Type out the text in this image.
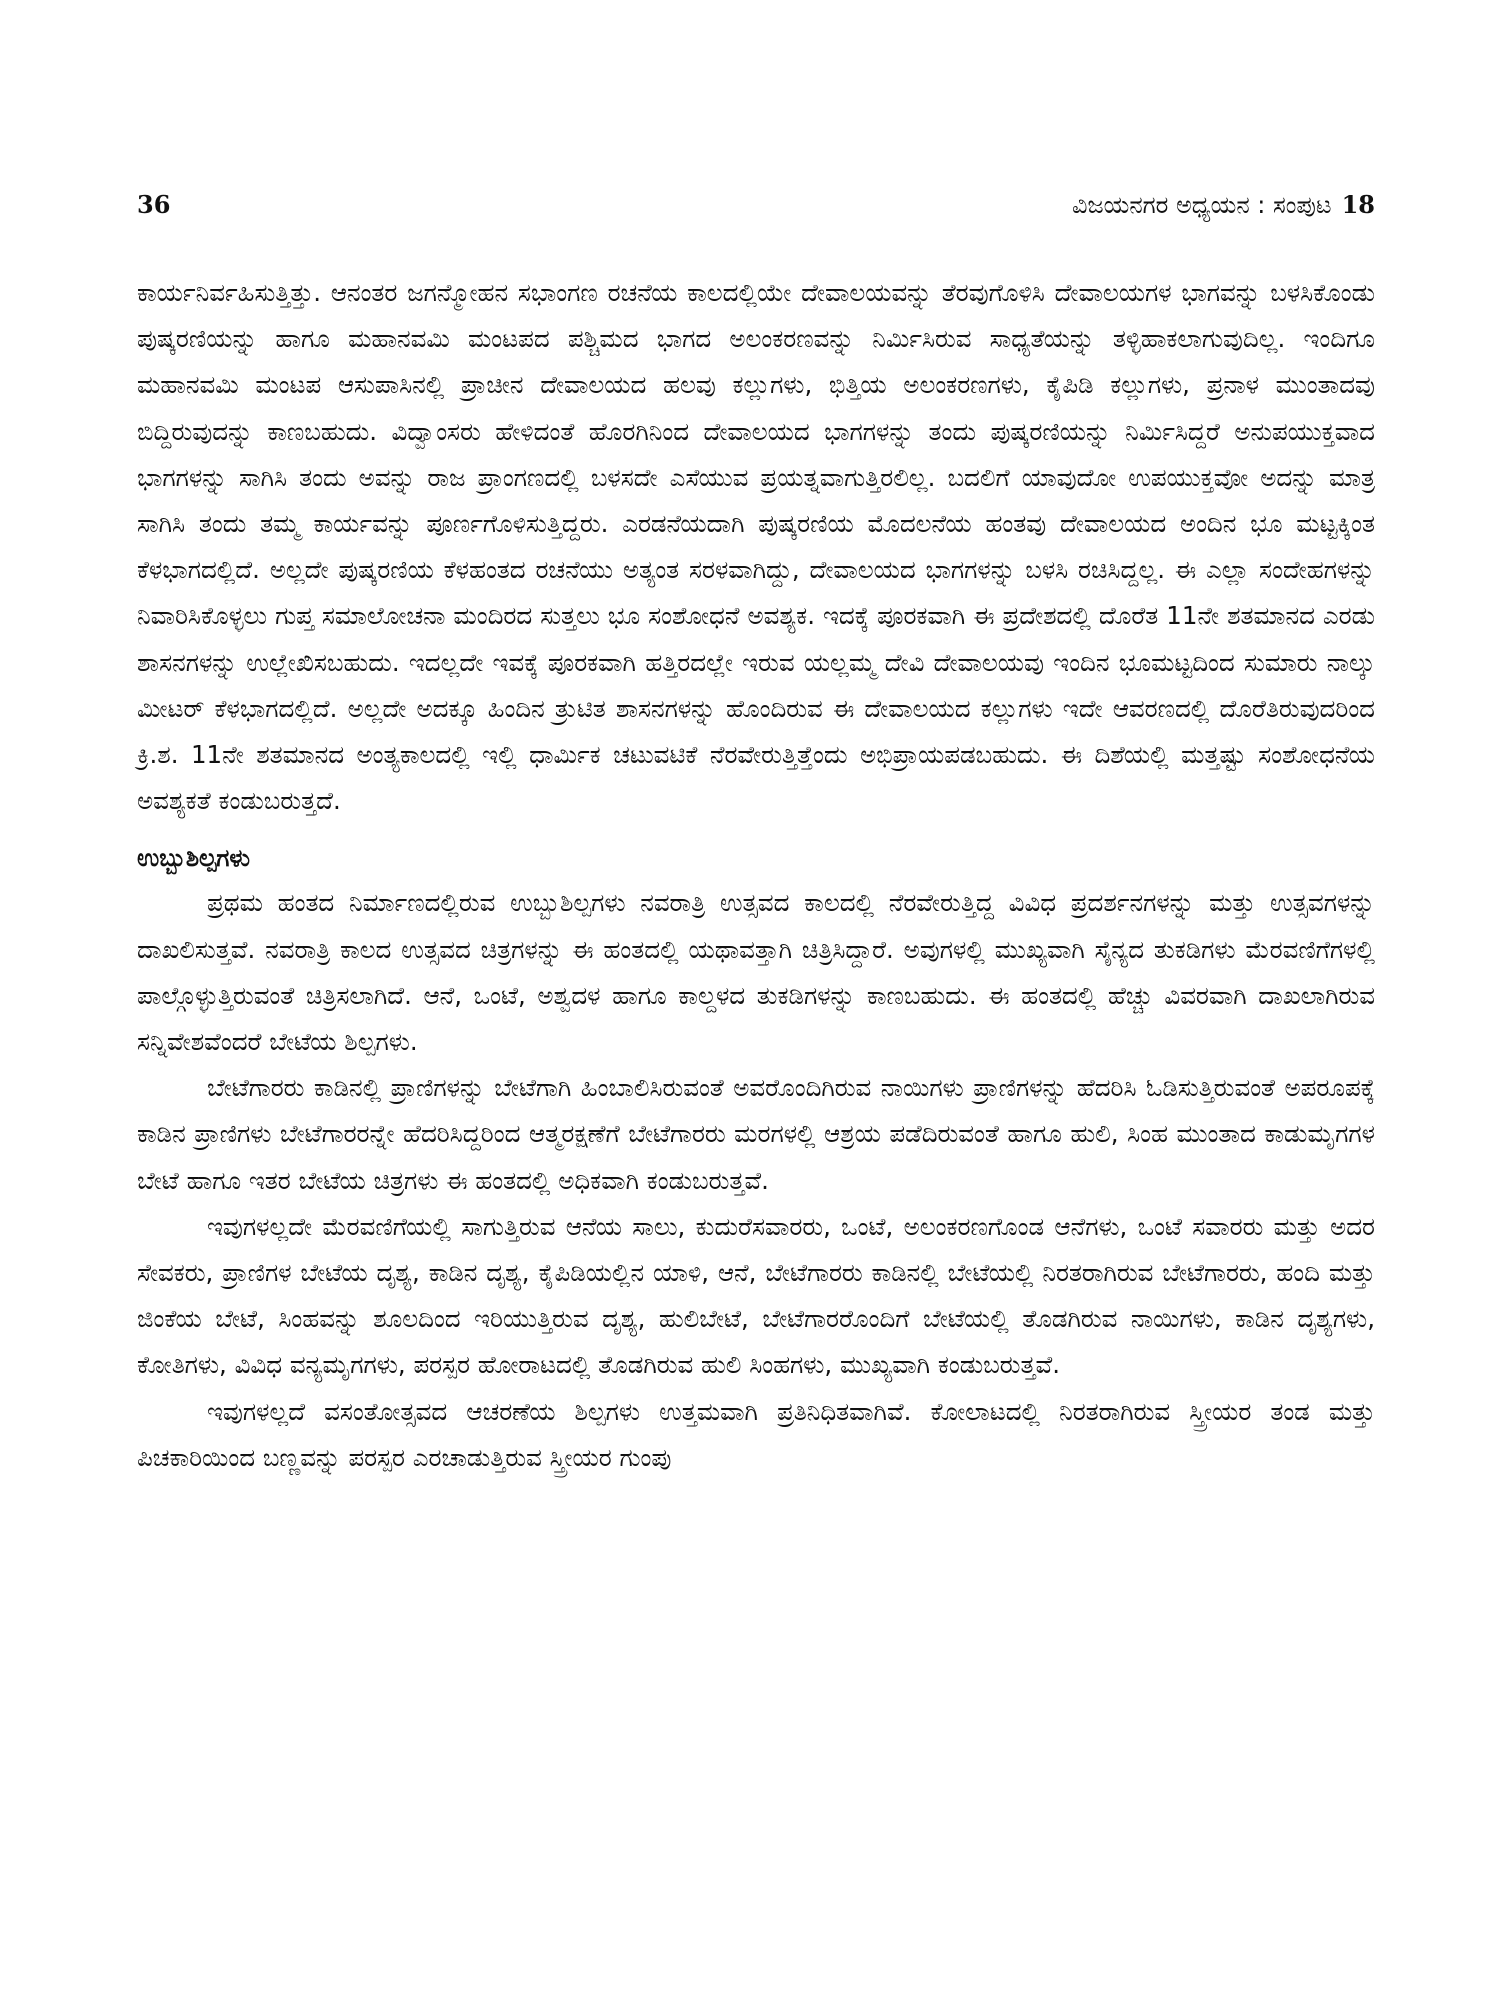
36	ವಿಜಯನಗರ ಅಧ್ಯಯನ : ಸಂಪುಟ 18

ಕಾರ್ಯನಿರ್ವಹಿಸುತ್ತಿತ್ತು. ಆನಂತರ ಜಗನ್ಮೋಹನ ಸಭಾಂಗಣ ರಚನೆಯ ಕಾಲದಲ್ಲಿಯೇ ದೇವಾಲಯವನ್ನು ತೆರವುಗೊಳಿಸಿ ದೇವಾಲಯಗಳ ಭಾಗವನ್ನು ಬಳಸಿಕೊಂಡು ಪುಷ್ಕರಣಿಯನ್ನು ಹಾಗೂ ಮಹಾನವಮಿ ಮಂಟಪದ ಪಶ್ಚಿಮದ ಭಾಗದ ಅಲಂಕರಣವನ್ನು ನಿರ್ಮಿಸಿರುವ ಸಾಧ್ಯತೆಯನ್ನು ತಳ್ಳಿಹಾಕಲಾಗುವುದಿಲ್ಲ. ಇಂದಿಗೂ ಮಹಾನವಮಿ ಮಂಟಪ ಆಸುಪಾಸಿನಲ್ಲಿ ಪ್ರಾಚೀನ ದೇವಾಲಯದ ಹಲವು ಕಲ್ಲುಗಳು, ಭಿತ್ತಿಯ ಅಲಂಕರಣಗಳು, ಕೈಪಿಡಿ ಕಲ್ಲುಗಳು, ಪ್ರನಾಳ ಮುಂತಾದವು ಬಿದ್ದಿರುವುದನ್ನು ಕಾಣಬಹುದು. ವಿದ್ವಾಂಸರು ಹೇಳಿದಂತೆ ಹೊರಗಿನಿಂದ ದೇವಾಲಯದ ಭಾಗಗಳನ್ನು ತಂದು ಪುಷ್ಕರಣಿಯನ್ನು ನಿರ್ಮಿಸಿದ್ದರೆ ಅನುಪಯುಕ್ತವಾದ ಭಾಗಗಳನ್ನು ಸಾಗಿಸಿ ತಂದು ಅವನ್ನು ರಾಜ ಪ್ರಾಂಗಣದಲ್ಲಿ ಬಳಸದೇ ಎಸೆಯುವ ಪ್ರಯತ್ನವಾಗುತ್ತಿರಲಿಲ್ಲ. ಬದಲಿಗೆ ಯಾವುದೋ ಉಪಯುಕ್ತವೋ ಅದನ್ನು ಮಾತ್ರ ಸಾಗಿಸಿ ತಂದು ತಮ್ಮ ಕಾರ್ಯವನ್ನು ಪೂರ್ಣಗೊಳಿಸುತ್ತಿದ್ದರು. ಎರಡನೆಯದಾಗಿ ಪುಷ್ಕರಣಿಯ ಮೊದಲನೆಯ ಹಂತವು ದೇವಾಲಯದ ಅಂದಿನ ಭೂ ಮಟ್ಟಕ್ಕಿಂತ ಕೆಳಭಾಗದಲ್ಲಿದೆ. ಅಲ್ಲದೇ ಪುಷ್ಕರಣಿಯ ಕೆಳಹಂತದ ರಚನೆಯು ಅತ್ಯಂತ ಸರಳವಾಗಿದ್ದು, ದೇವಾಲಯದ ಭಾಗಗಳನ್ನು ಬಳಸಿ ರಚಿಸಿದ್ದಲ್ಲ. ಈ ಎಲ್ಲಾ ಸಂದೇಹಗಳನ್ನು ನಿವಾರಿಸಿಕೊಳ್ಳಲು ಗುಪ್ತ ಸಮಾಲೋಚನಾ ಮಂದಿರದ ಸುತ್ತಲು ಭೂ ಸಂಶೋಧನೆ ಅವಶ್ಯಕ. ಇದಕ್ಕೆ ಪೂರಕವಾಗಿ ಈ ಪ್ರದೇಶದಲ್ಲಿ ದೊರೆತ 11ನೇ ಶತಮಾನದ ಎರಡು ಶಾಸನಗಳನ್ನು ಉಲ್ಲೇಖಿಸಬಹುದು. ಇದಲ್ಲದೇ ಇವಕ್ಕೆ ಪೂರಕವಾಗಿ ಹತ್ತಿರದಲ್ಲೇ ಇರುವ ಯಲ್ಲಮ್ಮ ದೇವಿ ದೇವಾಲಯವು ಇಂದಿನ ಭೂಮಟ್ಟದಿಂದ ಸುಮಾರು ನಾಲ್ಕು ಮೀಟರ್ ಕೆಳಭಾಗದಲ್ಲಿದೆ. ಅಲ್ಲದೇ ಅದಕ್ಕೂ ಹಿಂದಿನ ತ್ರುಟಿತ ಶಾಸನಗಳನ್ನು ಹೊಂದಿರುವ ಈ ದೇವಾಲಯದ ಕಲ್ಲುಗಳು ಇದೇ ಆವರಣದಲ್ಲಿ ದೊರೆತಿರುವುದರಿಂದ ಕ್ರಿ.ಶ. 11ನೇ ಶತಮಾನದ ಅಂತ್ಯಕಾಲದಲ್ಲಿ ಇಲ್ಲಿ ಧಾರ್ಮಿಕ ಚಟುವಟಿಕೆ ನೆರವೇರುತ್ತಿತ್ತೆಂದು ಅಭಿಪ್ರಾಯಪಡಬಹುದು. ಈ ದಿಶೆಯಲ್ಲಿ ಮತ್ತಷ್ಟು ಸಂಶೋಧನೆಯ ಅವಶ್ಯಕತೆ ಕಂಡುಬರುತ್ತದೆ.

ಉಬ್ಬುಶಿಲ್ಪಗಳು

ಪ್ರಥಮ ಹಂತದ ನಿರ್ಮಾಣದಲ್ಲಿರುವ ಉಬ್ಬುಶಿಲ್ಪಗಳು ನವರಾತ್ರಿ ಉತ್ಸವದ ಕಾಲದಲ್ಲಿ ನೆರವೇರುತ್ತಿದ್ದ ವಿವಿಧ ಪ್ರದರ್ಶನಗಳನ್ನು ಮತ್ತು ಉತ್ಸವಗಳನ್ನು ದಾಖಲಿಸುತ್ತವೆ. ನವರಾತ್ರಿ ಕಾಲದ ಉತ್ಸವದ ಚಿತ್ರಗಳನ್ನು ಈ ಹಂತದಲ್ಲಿ ಯಥಾವತ್ತಾಗಿ ಚಿತ್ರಿಸಿದ್ದಾರೆ. ಅವುಗಳಲ್ಲಿ ಮುಖ್ಯವಾಗಿ ಸೈನ್ಯದ ತುಕಡಿಗಳು ಮೆರವಣಿಗೆಗಳಲ್ಲಿ ಪಾಲ್ಗೊಳ್ಳುತ್ತಿರುವಂತೆ ಚಿತ್ರಿಸಲಾಗಿದೆ. ಆನೆ, ಒಂಟೆ, ಅಶ್ವದಳ ಹಾಗೂ ಕಾಲ್ದಳದ ತುಕಡಿಗಳನ್ನು ಕಾಣಬಹುದು. ಈ ಹಂತದಲ್ಲಿ ಹೆಚ್ಚು ವಿವರವಾಗಿ ದಾಖಲಾಗಿರುವ ಸನ್ನಿವೇಶವೆಂದರೆ ಬೇಟೆಯ ಶಿಲ್ಪಗಳು.

ಬೇಟೆಗಾರರು ಕಾಡಿನಲ್ಲಿ ಪ್ರಾಣಿಗಳನ್ನು ಬೇಟೆಗಾಗಿ ಹಿಂಬಾಲಿಸಿರುವಂತೆ ಅವರೊಂದಿಗಿರುವ ನಾಯಿಗಳು ಪ್ರಾಣಿಗಳನ್ನು ಹೆದರಿಸಿ ಓಡಿಸುತ್ತಿರುವಂತೆ ಅಪರೂಪಕ್ಕೆ ಕಾಡಿನ ಪ್ರಾಣಿಗಳು ಬೇಟೆಗಾರರನ್ನೇ ಹೆದರಿಸಿದ್ದರಿಂದ ಆತ್ಮರಕ್ಷಣೆಗೆ ಬೇಟೆಗಾರರು ಮರಗಳಲ್ಲಿ ಆಶ್ರಯ ಪಡೆದಿರುವಂತೆ ಹಾಗೂ ಹುಲಿ, ಸಿಂಹ ಮುಂತಾದ ಕಾಡುಮೃಗಗಳ ಬೇಟೆ ಹಾಗೂ ಇತರ ಬೇಟೆಯ ಚಿತ್ರಗಳು ಈ ಹಂತದಲ್ಲಿ ಅಧಿಕವಾಗಿ ಕಂಡುಬರುತ್ತವೆ.

ಇವುಗಳಲ್ಲದೇ ಮೆರವಣಿಗೆಯಲ್ಲಿ ಸಾಗುತ್ತಿರುವ ಆನೆಯ ಸಾಲು, ಕುದುರೆಸವಾರರು, ಒಂಟೆ, ಅಲಂಕರಣಗೊಂಡ ಆನೆಗಳು, ಒಂಟೆ ಸವಾರರು ಮತ್ತು ಅದರ ಸೇವಕರು, ಪ್ರಾಣಿಗಳ ಬೇಟೆಯ ದೃಶ್ಯ, ಕಾಡಿನ ದೃಶ್ಯ, ಕೈಪಿಡಿಯಲ್ಲಿನ ಯಾಳಿ, ಆನೆ, ಬೇಟೆಗಾರರು ಕಾಡಿನಲ್ಲಿ ಬೇಟೆಯಲ್ಲಿ ನಿರತರಾಗಿರುವ ಬೇಟೆಗಾರರು, ಹಂದಿ ಮತ್ತು ಜಿಂಕೆಯ ಬೇಟೆ, ಸಿಂಹವನ್ನು ಶೂಲದಿಂದ ಇರಿಯುತ್ತಿರುವ ದೃಶ್ಯ, ಹುಲಿಬೇಟೆ, ಬೇಟೆಗಾರರೊಂದಿಗೆ ಬೇಟೆಯಲ್ಲಿ ತೊಡಗಿರುವ ನಾಯಿಗಳು, ಕಾಡಿನ ದೃಶ್ಯಗಳು, ಕೋತಿಗಳು, ವಿವಿಧ ವನ್ಯಮೃಗಗಳು, ಪರಸ್ಪರ ಹೋರಾಟದಲ್ಲಿ ತೊಡಗಿರುವ ಹುಲಿ ಸಿಂಹಗಳು, ಮುಖ್ಯವಾಗಿ ಕಂಡುಬರುತ್ತವೆ.

ಇವುಗಳಲ್ಲದೆ ವಸಂತೋತ್ಸವದ ಆಚರಣೆಯ ಶಿಲ್ಪಗಳು ಉತ್ತಮವಾಗಿ ಪ್ರತಿನಿಧಿತವಾಗಿವೆ. ಕೋಲಾಟದಲ್ಲಿ ನಿರತರಾಗಿರುವ ಸ್ತ್ರೀಯರ ತಂಡ ಮತ್ತು ಪಿಚಕಾರಿಯಿಂದ ಬಣ್ಣವನ್ನು ಪರಸ್ಪರ ಎರಚಾಡುತ್ತಿರುವ ಸ್ತ್ರೀಯರ ಗುಂಪು
